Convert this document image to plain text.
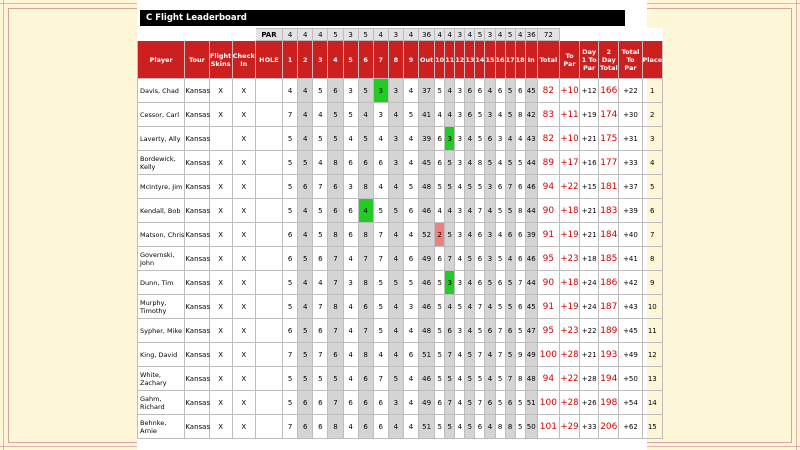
C Flight Leaderboard
				PAR	4	4	4	5	3	5	4	3	4	36	4	4	3	4	5	3	4	5	4	36	72					
Player	Tour	Flight Skins	Check In	HOLE	1	2	3	4	5	6	7	8	9	Out	10	11	12	13	14	15	16	17	18	In	Total	To Par	Day 1 To Par	2 Day Total	Total To Par	Place
Davis, Chad	Kansas	X	X		4	4	5	6	3	5	3	3	4	37	5	4	3	6	6	4	6	5	6	45	82	+10	+12	166	+22	1
Cessor, Carl	Kansas	X	X		7	4	4	5	5	4	3	4	5	41	4	4	3	6	5	3	4	5	8	42	83	+11	+19	174	+30	2
Laverty, Ally	Kansas		X		5	4	5	5	4	5	4	3	4	39	6	3	3	4	5	6	3	4	4	43	82	+10	+21	175	+31	3
Bordewick, Kelly	Kansas	X	X		5	5	4	8	6	6	6	3	4	45	6	5	3	4	8	5	4	5	5	44	89	+17	+16	177	+33	4
McIntyre, Jim	Kansas	X	X		5	6	7	6	3	8	4	4	5	48	5	5	4	5	5	3	6	7	6	46	94	+22	+15	181	+37	5
Kendall, Bob	Kansas	X	X		5	4	5	6	6	4	5	5	6	46	4	4	3	4	7	4	5	5	8	44	90	+18	+21	183	+39	6
Matson, Chris	Kansas	X	X		6	4	5	8	6	8	7	4	4	52	2	5	3	4	6	3	4	6	6	39	91	+19	+21	184	+40	7
Governski, John	Kansas	X	X		6	5	6	7	4	7	7	4	6	49	6	7	4	5	6	3	5	4	6	46	95	+23	+18	185	+41	8
Dunn, Tim	Kansas	X	X		5	4	4	7	3	8	5	5	5	46	5	3	3	4	6	5	6	5	7	44	90	+18	+24	186	+42	9
Murphy, Timothy	Kansas	X	X		5	4	7	8	4	6	5	4	3	46	5	4	5	4	7	4	5	5	6	45	91	+19	+24	187	+43	10
Sypher, Mike	Kansas	X	X		6	5	6	7	4	7	5	4	4	48	5	6	3	4	5	6	7	6	5	47	95	+23	+22	189	+45	11
King, David	Kansas	X	X		7	5	7	6	4	8	4	4	6	51	5	7	4	5	7	4	7	5	9	49	100	+28	+21	193	+49	12
White, Zachary	Kansas	X	X		5	5	5	5	4	6	7	5	4	46	5	5	4	5	5	4	5	7	8	48	94	+22	+28	194	+50	13
Gahm, Richard	Kansas	X	X		5	6	6	7	6	6	6	3	4	49	6	7	4	5	7	6	5	6	5	51	100	+28	+26	198	+54	14
Behnke, Arnie	Kansas	X	X		7	6	6	8	4	6	6	4	4	51	5	5	4	5	6	4	8	8	5	50	101	+29	+33	206	+62	15
